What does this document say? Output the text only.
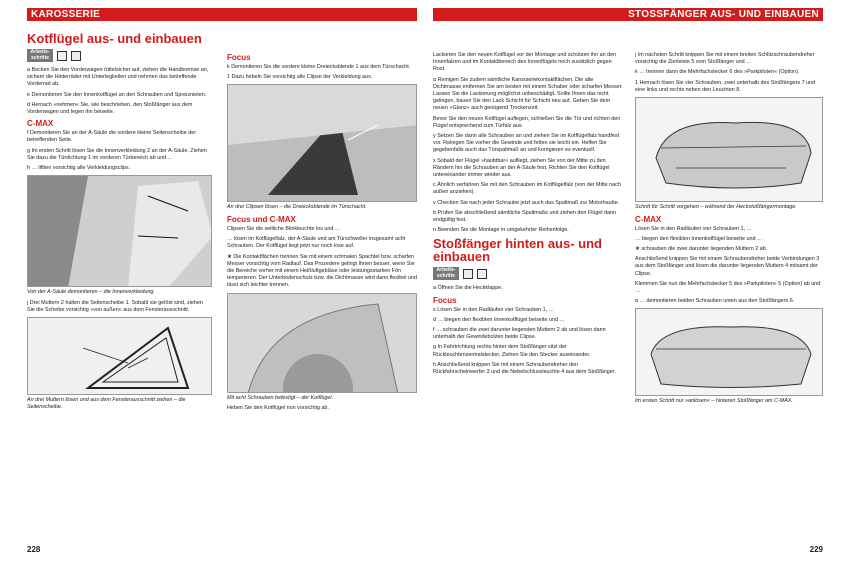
KAROSSERIE
Kotflügel aus- und einbauen
Arbeits- schritte

a Bocken Sie den Vorderwagen rüttelsicher auf, ziehen die Handbremse an, sichern die Hinterräder mit Unterlegkeilen und nehmen das betreffende Vorderrad ab.

e Demontieren Sie den Innenkotflügel an den Schrauben und Spreiznieten.

d Hernach »nehmen« Sie, wie beschrieben, den Stoßfänger aus dem Vorderwagen und legen ihn beiseite.

C-MAX

f Demontieren Sie an der A-Säule die vordere kleine Seitenscheibe der betreffenden Seite.

g Im ersten Schritt lösen Sie die Innenverkleidung 2 an der A-Säule. Ziehen Sie dazu die Türdichtung 1 im vorderen Türbereich ab und …

h … liftten vorsichtig alle Verkleidungsclips.

Von der A-Säule demontieren – die Innenverkleidung.

j Drei Muttern 2 halten die Seitenscheibe 1. Sobald sie gelöst sind, ziehen Sie die Scheibe vorsichtig »von außen« aus dem Fensterausschnitt.

An drei Muttern lösen und aus dem Fensterausschnitt ziehen – die Seitenscheibe.
Focus

k Demontieren Sie die vordere kleine Dreiecksblende 1 aus dem Türschacht.

1 Dazu hebeln Sie vorsichtig alle Clipse der Verkleidung aus.

An drei Clipsen lösen – die Dreiecksblende im Türschacht.
Focus und C-MAX

Clipsen Sie die seitliche Blinkleuchte los und …

… lösen im Kotflügelfalz, der A-Säule und am Türschweller insgesamt acht Schrauben. Der Kotflügel liegt jetzt nur noch lose auf.

★ Die Kontaktflächen trennen Sie mit einem schmalen Spachtel bzw. scharfen Messer vorsichtig vom Radlauf. Das Prozedere gelingt Ihnen besser, wenn Sie die Bereiche vorher mit einem Heißluftgebläse oder leistungsstarken Fön temperieren. Der Unterbodenschutz bzw. die Dichtmasse wird dann flexibel und lässt sich leichter trennen.

Mit acht Schrauben befestigt – der Kotflügel.

Heben Sie den Kotflügel nun vorsichtig ab.

228
STOSSFÄNGER AUS- UND EINBAUEN

Lackieren Sie den neuen Kotflügel vor der Montage und schützen ihn an den Innenfalzen und im Kontaktbereich des Innenflügels noch zusätzlich gegen Rost.

α Reinigen Sie zudem sämtliche Karosseriekontaktflächen. Die alte Dichtmasse entfernen Sie am besten mit einem Schaber oder scharfen Messer. Lassen Sie die Lackierung möglichst unbeschädigt. Sollte Ihnen das nicht gelingen, bauen Sie den Lack Schicht für Schicht neu auf. Geben Sie dem neuen »Glanz« auch genügend Trockenzeit.

Bevor Sie den neuen Kotflügel auflegen, schließen Sie die Tür und richten den Flügel entsprechend zum Türfalz aus.

y Setzen Sie dann alle Schrauben an und ziehen Sie im Kotflügelfalz handfest vor. Reinigen Sie vorher die Gewinde und fetten sie leicht ein. Helfen Sie gegebenfalls auch das Türspaltmaß an und korrigieren es eventuell.

x Sobald der Flügel »haubtbar« aufliegt, ziehen Sie von der Mitte zu den Rändern hin die Schrauben an der A-Säule fest. Richten Sie den Kotflügel untereinander immer wieder aus.

c Ähnlich verfahren Sie mit den Schrauben im Kotflügelfalz (von der Mitte nach außen anziehen).

v Checken Sie nach jeder Schraube jetzt auch das Spaltmaß zur Motorhaube.

b Prüfen Sie abschließend sämtliche Spaltmaße und ziehen den Flügel dann endgültig fest.

n Beenden Sie die Montage in umgekehrter Reihenfolge.

Stoßfänger hinten aus- und einbauen
Arbeits- schritte

a Öffnen Sie die Heckklappe.

Focus

s Lösen Sie in den Radläufen vier Schrauben 1, …

d … biegen den flexiblen Innenkotflügel beiseite und …

f … schrauben die zwei darunter liegenden Muttern 2 ab und lösen dann unterhalb der Gewindebolzen beide Clipse.

g In Fahrtrichtung rechts hinter dem Stoßfänger sitzt der Rückleuchtenzentralstecker. Ziehen Sie den Stecker auseinander.

h Anschließend knippen Sie mit einem Schraubendreher den Rückfahrscheinwerfer 3 und die Nebelschlussleuchte 4 aus dem Stoßfänger.

j Im nächsten Schritt knippen Sie mit einem breiten Schlitzschraubendreher vorsichtig die Zierleiste 5 vom Stoßfänger und …

k … trennen dann die Mehrfachstecker 6 des »Parkpiloten« (Option).

1 Hernach lösen Sie vier Schrauben, zwei unterhalb des Stoßfängers 7 und eine links und rechts neben den Leuchten 8.

Schritt für Schritt vorgehen – während der Heckstoßfängermontage.
C-MAX

Lösen Sie in den Radläufen vier Schrauben 1, …

… biegen den flexiblen Innenkotflügel beiseite und …

★ schrauben die zwei darunter liegenden Muttern 2 ab.

Anschließend knippen Sie mit einem Schraubendreher beide Verbindungen 3 aus dem Stoßfänger und lösen die darunter liegenden Muttern 4 mitsamt der Clipse.

Klemmen Sie nun die Mehrfachstecker 5 des »Parkpiloten« 5 (Option) ab und …

α … demontieren beiden Schrauben unten aus den Stoßfängers 6.

Im ersten Schritt nur »anlösen« – hinteren Stoßfänger am C-MAX.
229
